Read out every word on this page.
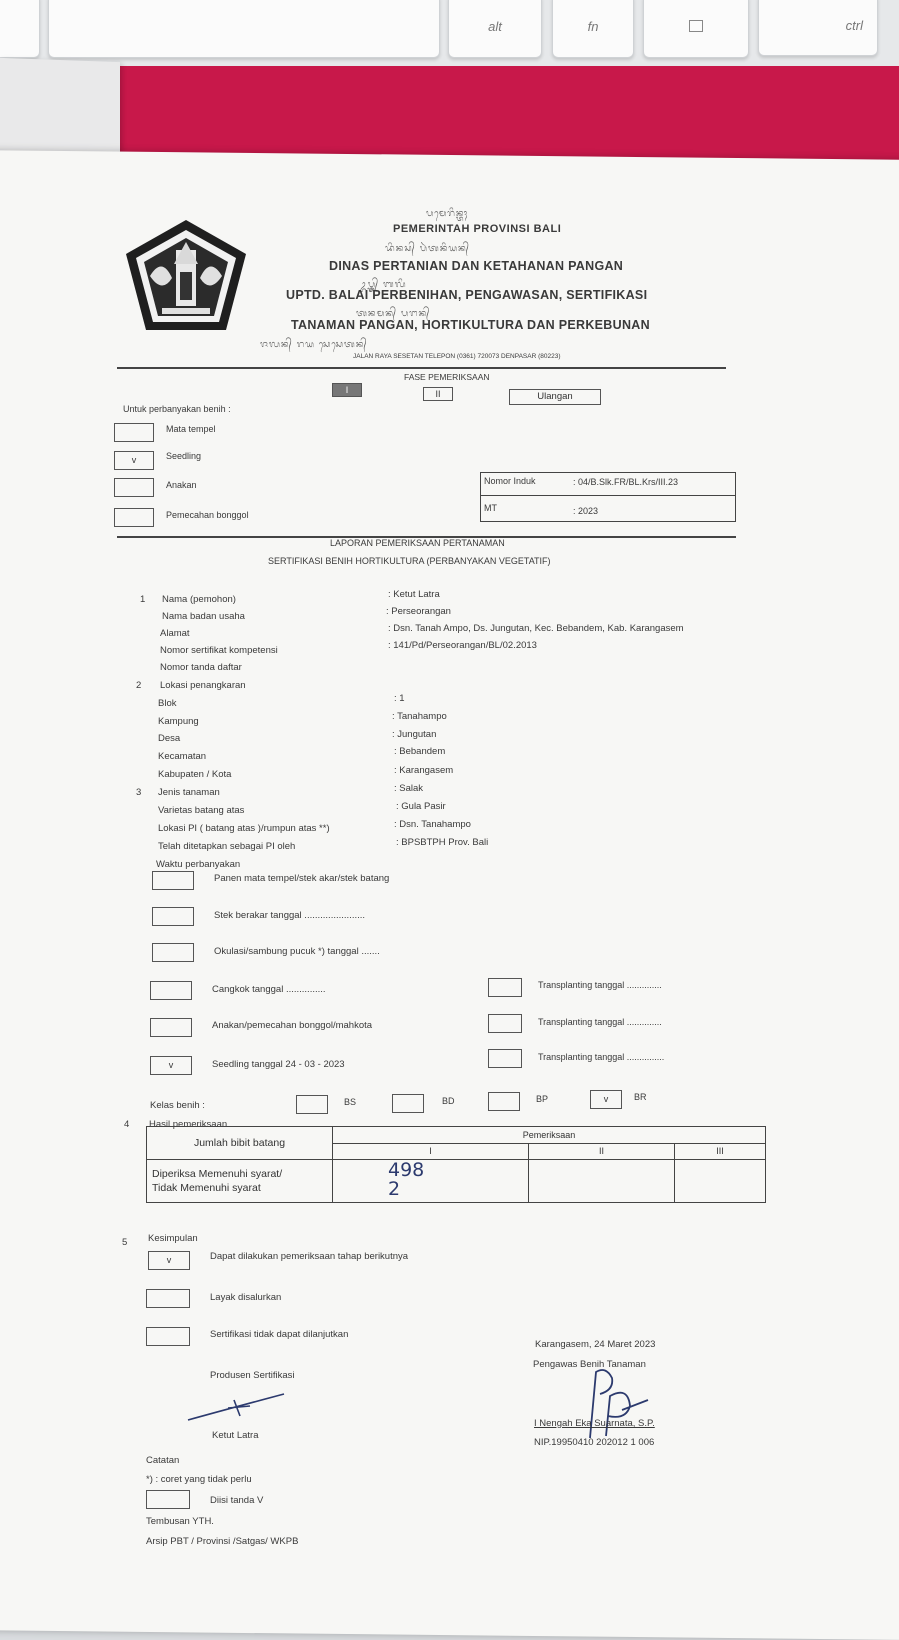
alt	fn	ctrl
ᬧᬫᬾᬭᬶᬦ᭄ᬢᬄ
PEMERINTAH PROVINSI BALI
ᬤᬶᬦᬲ᭄ ᬧᬃᬢᬦᬶᬬᬦ᭄
DINAS PERTANIAN DAN KETAHANAN PANGAN
ᬉᬧ᭄ᬢ᭄ᬤ᭄ ᬩᬮᬶ
UPTD. BALAI PERBENIHAN, PENGAWASAN, SERTIFIKASI
ᬢᬦᬫᬦ᭄ ᬧᬗᬦ᭄
TANAMAN PANGAN, HORTIKULTURA DAN PERKEBUNAN
ᬚᬮᬦ᭄ ᬭᬬ ᬲᬾᬲᬾᬢᬦ᭄
JALAN RAYA SESETAN TELEPON (0361) 720073 DENPASAR (80223)
FASE PEMERIKSAAN
I	II	Ulangan
Untuk perbanyakan benih :
Mata tempel
v	Seedling
Anakan
Pemecahan bonggol
Nomor Induk	: 04/B.Slk.FR/BL.Krs/III.23
MT	: 2023
LAPORAN PEMERIKSAAN PERTANAMAN
SERTIFIKASI BENIH HORTIKULTURA (PERBANYAKAN VEGETATIF)
1 Nama (pemohon)	: Ketut Latra
Nama badan usaha	: Perseorangan
Alamat	: Dsn. Tanah Ampo, Ds. Jungutan, Kec. Bebandem, Kab. Karangasem
Nomor sertifikat kompetensi	: 141/Pd/Perseorangan/BL/02.2013
Nomor tanda daftar
2 Lokasi penangkaran
Blok	: 1
Kampung	: Tanahampo
Desa	: Jungutan
Kecamatan	: Bebandem
Kabupaten / Kota	: Karangasem
3 Jenis tanaman	: Salak
Varietas batang atas	: Gula Pasir
Lokasi PI ( batang atas )/rumpun atas **)	: Dsn. Tanahampo
Telah ditetapkan sebagai PI oleh	: BPSBTPH Prov. Bali
Waktu perbanyakan
Panen mata tempel/stek akar/stek batang
Stek berakar tanggal .......................
Okulasi/sambung pucuk *) tanggal .......
Cangkok tanggal ...............
Anakan/pemecahan bonggol/mahkota
v	Seedling tanggal 24 - 03 - 2023
Transplanting tanggal ..............
Transplanting tanggal ..............
Transplanting tanggal ...............
Kelas benih :	BS	BD	BP	v	BR
4 Hasil pemeriksaan
Jumlah bibit batang	Pemeriksaan		
	I	II	III
Diperiksa Memenuhi syarat/
Tidak Memenuhi syarat	498
2		
5 Kesimpulan
v	Dapat dilakukan pemeriksaan tahap berikutnya
Layak disalurkan
Sertifikasi tidak dapat dilanjutkan
Karangasem, 24 Maret 2023
Pengawas Benih Tanaman
Produsen Sertifikasi
Ketut Latra
I Nengah Eka Suarnata, S.P.
NIP.19950410 202012 1 006
Catatan
*) : coret yang tidak perlu
Diisi tanda V
Tembusan YTH.
Arsip PBT / Provinsi /Satgas/ WKPB
